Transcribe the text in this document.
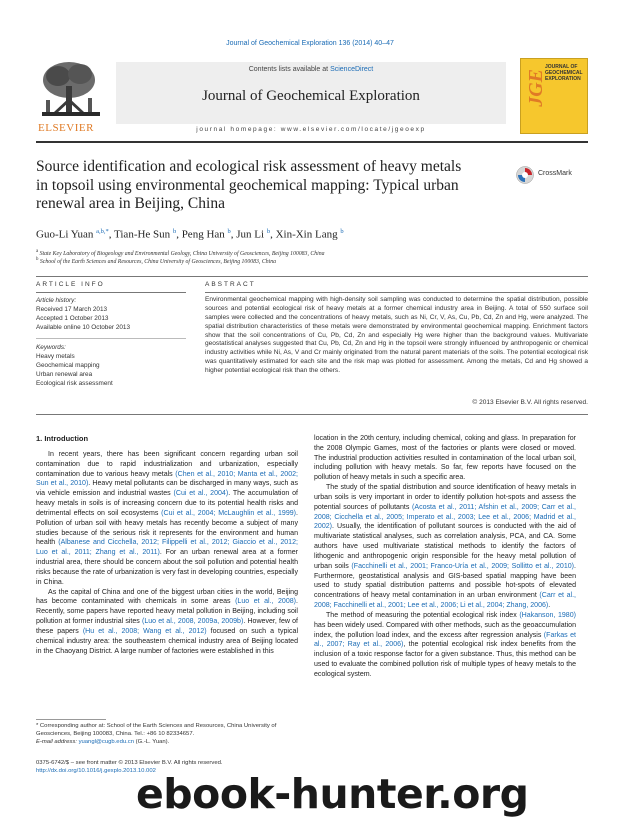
Journal of Geochemical Exploration 136 (2014) 40–47
ELSEVIER
Contents lists available at ScienceDirect
Journal of Geochemical Exploration
journal homepage: www.elsevier.com/locate/jgeoexp
JGE
JOURNAL OF GEOCHEMICAL EXPLORATION
Source identification and ecological risk assessment of heavy metals
in topsoil using environmental geochemical mapping: Typical urban
renewal area in Beijing, China
CrossMark
Guo-Li Yuan $^{a,b,*}$, Tian-He Sun $^b$, Peng Han $^b$, Jun Li $^b$, Xin-Xin Lang $^b$
$^a$ State Key Laboratory of Biogeology and Environmental Geology, China University of Geosciences, Beijing 100083, China
$^b$ School of the Earth Sciences and Resources, China University of Geosciences, Beijing 100083, China
ARTICLE INFO	ABSTRACT
Article history:
Received 17 March 2013
Accepted 1 October 2013
Available online 10 October 2013
Keywords:
Heavy metals
Geochemical mapping
Urban renewal area
Ecological risk assessment
Environmental geochemical mapping with high-density soil sampling was conducted to determine the spatial distribution, possible sources and potential ecological risk of heavy metals at a former chemical industry area in Beijing. A total of 550 surface soil samples were collected and the concentrations of heavy metals, such as Ni, Cr, V, As, Cu, Pb, Cd, Zn and Hg, were analyzed. The spatial distribution characteristics of these metals were demonstrated by environmental geochemical mapping. Enrichment factors show that the soil concentrations of Cu, Pb, Cd, Zn and especially Hg were higher than the background values. Multivariate geostatistical analyses suggested that Cu, Pb, Cd, Zn and Hg in the topsoil were strongly influenced by anthropogenic or chemical industry activities while Ni, As, V and Cr mainly originated from the natural parent materials of the soils. The potential ecological risk was quantitatively estimated for each site and the risk map was plotted for assessment. Among the metals, Cd and Hg showed a higher potential ecological risk than the others.
© 2013 Elsevier B.V. All rights reserved.
1. Introduction

In recent years, there has been significant concern regarding urban soil contamination due to rapid industrialization and urbanization, especially contamination due to various heavy metals (Chen et al., 2010; Manta et al., 2002; Sun et al., 2010). Heavy metal pollutants can be discharged in many ways, such as via vehicle emission and industrial wastes (Cui et al., 2004). The accumulation of heavy metals in soils is of increasing concern due to its potential health risks and detrimental effects on soil ecosystems (Cui et al., 2004; McLaughlin et al., 1999). Pollution of urban soil with heavy metals has recently become a subject of many studies because of the serious risk it represents for the environment and human health (Albanese and Cicchella, 2012; Filippelli et al., 2012; Giaccio et al., 2012; Luo et al., 2011; Zhang et al., 2011). For an urban renewal area at a former industrial area, there should be concern about the soil pollution and potential health risks because the rate of urbanization is very fast in developing countries, especially in China.

As the capital of China and one of the biggest urban cities in the world, Beijing has become contaminated with chemicals in some areas (Luo et al., 2008). Recently, some papers have reported heavy metal pollution in Beijing, including soil pollution at former industrial sites (Luo et al., 2008, 2009a, 2009b). However, few of these papers (Hu et al., 2008; Wang et al., 2012) focused on such a typical chemical industry area: the southeastern chemical industry area of Beijing located in the Chaoyang District. A large number of factories were established in this

location in the 20th century, including chemical, coking and glass. In preparation for the 2008 Olympic Games, most of the factories or plants were closed or moved. The industrial production activities resulted in contamination of the local urban soil, including pollution with heavy metals. So far, few reports have focused on the pollution of heavy metals in such a specific area.

The study of the spatial distribution and source identification of heavy metals in urban soils is very important in order to identify pollution hot-spots and assess the potential sources of pollutants (Acosta et al., 2011; Afshin et al., 2009; Carr et al., 2008; Cicchella et al., 2005; Imperato et al., 2003; Lee et al., 2006; Madrid et al., 2002). Usually, the identification of pollutant sources is conducted with the aid of multivariate statistical analyses, such as correlation analysis, PCA, and CA. Some authors have used multivariate statistical methods to identify the factors of lithogenic and anthropogenic origin responsible for the heavy metal pollution of urban soils (Facchinelli et al., 2001; Franco-Uría et al., 2009; Sollitto et al., 2010). Furthermore, geostatistical analysis and GIS-based spatial mapping have been used to study spatial distribution patterns and possible hot-spots of elevated concentrations of heavy metal contamination in an urban environment (Carr et al., 2008; Facchinelli et al., 2001; Lee et al., 2006; Li et al., 2004; Zhang, 2006).

The method of measuring the potential ecological risk index (Hakanson, 1980) has been widely used. Compared with other methods, such as the geoaccumulation index, the pollution load index, and the excess after regression analysis (Farkas et al., 2007; Ray et al., 2006), the potential ecological risk index benefits from the inclusion of a toxic response factor for a given substance. Thus, this method can be used to evaluate the combined pollution risk of multiple types of heavy metals to the ecological system.

* Corresponding author at: School of the Earth Sciences and Resources, China University of Geosciences, Beijing 100083, China. Tel.: +86 10 82334657.
E-mail address: yuangl@cugb.edu.cn (G.-L. Yuan).
0375-6742/$ – see front matter © 2013 Elsevier B.V. All rights reserved.
http://dx.doi.org/10.1016/j.gexplo.2013.10.002
ebook-hunter.org
